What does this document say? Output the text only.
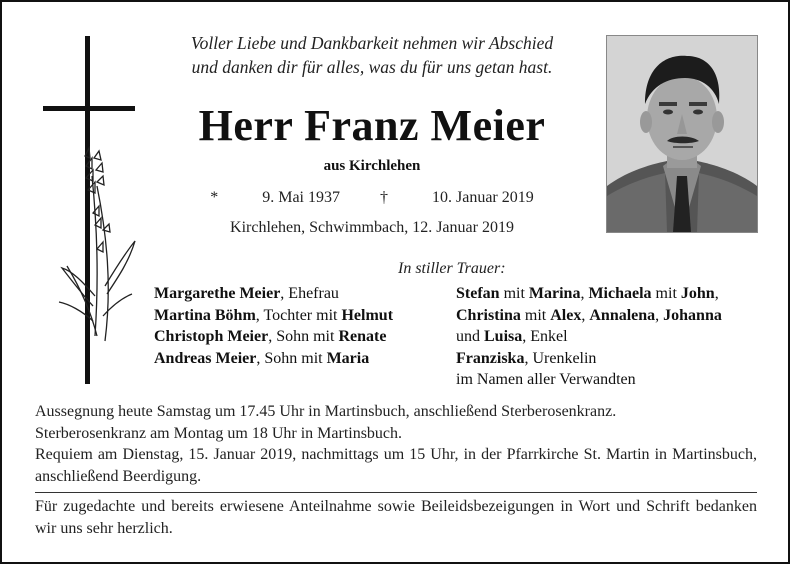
Voller Liebe und Dankbarkeit nehmen wir Abschied
und danken dir für alles, was du für uns getan hast.
Herr Franz Meier
aus Kirchlehen
*	9. Mai 1937	†	10. Januar 2019
Kirchlehen, Schwimmbach, 12. Januar 2019
In stiller Trauer:
Margarethe Meier, Ehefrau
Martina Böhm, Tochter mit Helmut
Christoph Meier, Sohn mit Renate
Andreas Meier, Sohn mit Maria
Stefan mit Marina, Michaela mit John,
Christina mit Alex, Annalena, Johanna
und Luisa, Enkel
Franziska, Urenkelin
im Namen aller Verwandten

Aussegnung heute Samstag um 17.45 Uhr in Martinsbuch, anschließend Sterberosenkranz.

Sterberosenkranz am Montag um 18 Uhr in Martinsbuch.

Requiem am Dienstag, 15. Januar 2019, nachmittags um 15 Uhr, in der Pfarrkirche St. Martin in Martinsbuch, anschließend Beerdigung.

Für zugedachte und bereits erwiesene Anteilnahme sowie Beileidsbezeigungen in Wort und Schrift bedanken wir uns sehr herzlich.
